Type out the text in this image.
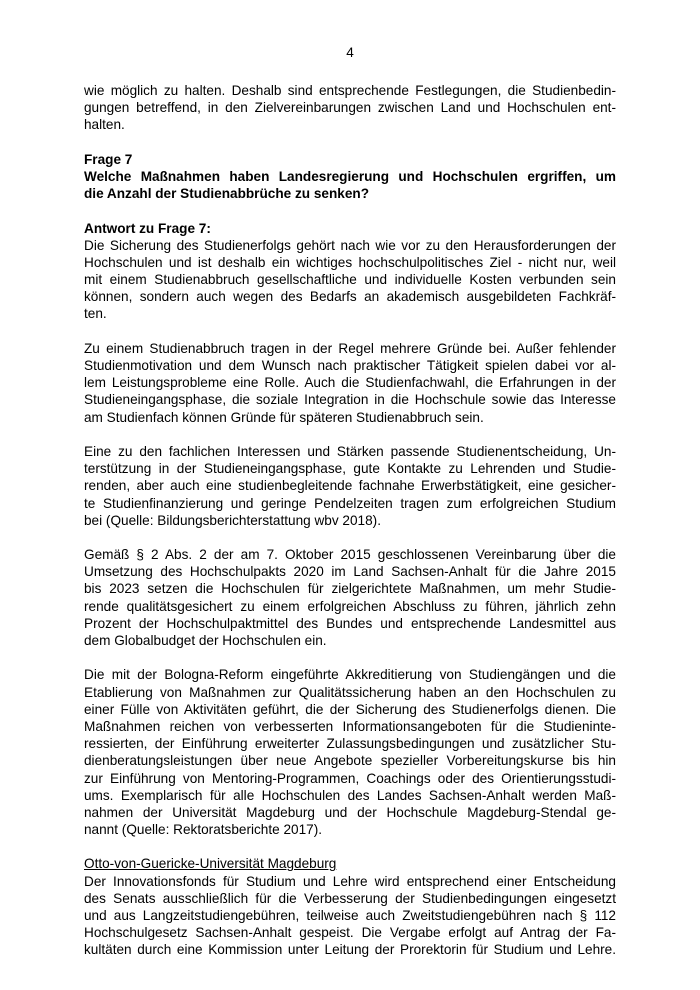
4
wie möglich zu halten. Deshalb sind entsprechende Festlegungen, die Studienbedin-
gungen betreffend, in den Zielvereinbarungen zwischen Land und Hochschulen ent-
halten.
Frage 7
Welche Maßnahmen haben Landesregierung und Hochschulen ergriffen, um
die Anzahl der Studienabbrüche zu senken?
Antwort zu Frage 7:
Die Sicherung des Studienerfolgs gehört nach wie vor zu den Herausforderungen der
Hochschulen und ist deshalb ein wichtiges hochschulpolitisches Ziel - nicht nur, weil
mit einem Studienabbruch gesellschaftliche und individuelle Kosten verbunden sein
können, sondern auch wegen des Bedarfs an akademisch ausgebildeten Fachkräf-
ten.
Zu einem Studienabbruch tragen in der Regel mehrere Gründe bei. Außer fehlender
Studienmotivation und dem Wunsch nach praktischer Tätigkeit spielen dabei vor al-
lem Leistungsprobleme eine Rolle. Auch die Studienfachwahl, die Erfahrungen in der
Studieneingangsphase, die soziale Integration in die Hochschule sowie das Interesse
am Studienfach können Gründe für späteren Studienabbruch sein.
Eine zu den fachlichen Interessen und Stärken passende Studienentscheidung, Un-
terstützung in der Studieneingangsphase, gute Kontakte zu Lehrenden und Studie-
renden, aber auch eine studienbegleitende fachnahe Erwerbstätigkeit, eine gesicher-
te Studienfinanzierung und geringe Pendelzeiten tragen zum erfolgreichen Studium
bei (Quelle: Bildungsberichterstattung wbv 2018).
Gemäß § 2 Abs. 2 der am 7. Oktober 2015 geschlossenen Vereinbarung über die
Umsetzung des Hochschulpakts 2020 im Land Sachsen-Anhalt für die Jahre 2015
bis 2023 setzen die Hochschulen für zielgerichtete Maßnahmen, um mehr Studie-
rende qualitätsgesichert zu einem erfolgreichen Abschluss zu führen, jährlich zehn
Prozent der Hochschulpaktmittel des Bundes und entsprechende Landesmittel aus
dem Globalbudget der Hochschulen ein.
Die mit der Bologna-Reform eingeführte Akkreditierung von Studiengängen und die
Etablierung von Maßnahmen zur Qualitätssicherung haben an den Hochschulen zu
einer Fülle von Aktivitäten geführt, die der Sicherung des Studienerfolgs dienen. Die
Maßnahmen reichen von verbesserten Informationsangeboten für die Studieninte-
ressierten, der Einführung erweiterter Zulassungsbedingungen und zusätzlicher Stu-
dienberatungsleistungen über neue Angebote spezieller Vorbereitungskurse bis hin
zur Einführung von Mentoring-Programmen, Coachings oder des Orientierungsstudi-
ums. Exemplarisch für alle Hochschulen des Landes Sachsen-Anhalt werden Maß-
nahmen der Universität Magdeburg und der Hochschule Magdeburg-Stendal ge-
nannt (Quelle: Rektoratsberichte 2017).
Otto-von-Guericke-Universität Magdeburg
Der Innovationsfonds für Studium und Lehre wird entsprechend einer Entscheidung
des Senats ausschließlich für die Verbesserung der Studienbedingungen eingesetzt
und aus Langzeitstudiengebühren, teilweise auch Zweitstudiengebühren nach § 112
Hochschulgesetz Sachsen-Anhalt gespeist. Die Vergabe erfolgt auf Antrag der Fa-
kultäten durch eine Kommission unter Leitung der Prorektorin für Studium und Lehre.
